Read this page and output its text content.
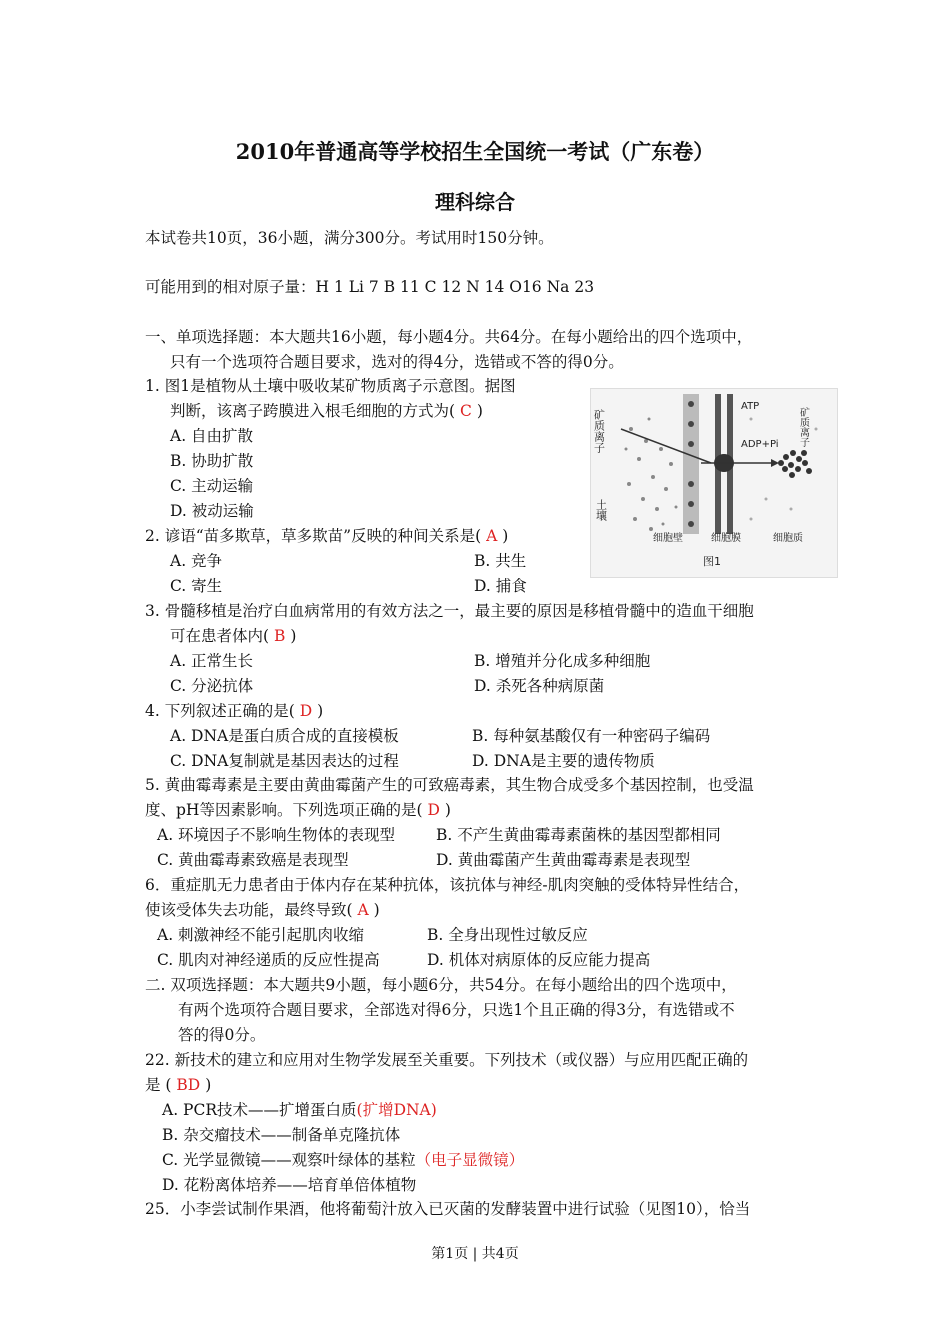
2010年普通高等学校招生全国统一考试（广东卷）
理科综合
本试卷共10页，36小题，满分300分。考试用时150分钟。
可能用到的相对原子量：H 1 Li 7 B 11 C 12 N 14 O16 Na 23
一、单项选择题：本大题共16小题，每小题4分。共64分。在每小题给出的四个选项中，
只有一个选项符合题目要求，选对的得4分，选错或不答的得0分。
1. 图1是植物从土壤中吸收某矿物质离子示意图。据图
判断，该离子跨膜进入根毛细胞的方式为( C )
A. 自由扩散
B. 协助扩散
C. 主动运输
D. 被动运输
矿质离子	矿质离子
土壤
ATP
ADP+Pi
细胞壁	细胞膜	细胞质
图1
2. 谚语“苗多欺草，草多欺苗”反映的种间关系是( A )
A. 竞争	B. 共生
C. 寄生	D. 捕食
3. 骨髓移植是治疗白血病常用的有效方法之一，最主要的原因是移植骨髓中的造血干细胞
可在患者体内( B )
A. 正常生长	B. 增殖并分化成多种细胞
C. 分泌抗体	D. 杀死各种病原菌
4. 下列叙述正确的是( D )
A. DNA是蛋白质合成的直接模板	B. 每种氨基酸仅有一种密码子编码
C. DNA复制就是基因表达的过程	D. DNA是主要的遗传物质
5. 黄曲霉毒素是主要由黄曲霉菌产生的可致癌毒素，其生物合成受多个基因控制，也受温
度、pH等因素影响。下列选项正确的是( D )
A. 环境因子不影响生物体的表现型	B. 不产生黄曲霉毒素菌株的基因型都相同
C. 黄曲霉毒素致癌是表现型	D. 黄曲霉菌产生黄曲霉毒素是表现型
6．重症肌无力患者由于体内存在某种抗体，该抗体与神经-肌肉突触的受体特异性结合，
使该受体失去功能，最终导致( A )
A. 刺激神经不能引起肌肉收缩	B. 全身出现性过敏反应
C. 肌肉对神经递质的反应性提高	D. 机体对病原体的反应能力提高
二. 双项选择题：本大题共9小题，每小题6分，共54分。在每小题给出的四个选项中，
有两个选项符合题目要求，全部选对得6分，只选1个且正确的得3分，有选错或不
答的得0分。
22. 新技术的建立和应用对生物学发展至关重要。下列技术（或仪器）与应用匹配正确的
是 ( BD )
A. PCR技术——扩增蛋白质(扩增DNA)
B. 杂交瘤技术——制备单克隆抗体
C. 光学显微镜——观察叶绿体的基粒（电子显微镜）
D. 花粉离体培养——培育单倍体植物
25．小李尝试制作果酒，他将葡萄汁放入已灭菌的发酵装置中进行试验（见图10），恰当
第1页 | 共4页
